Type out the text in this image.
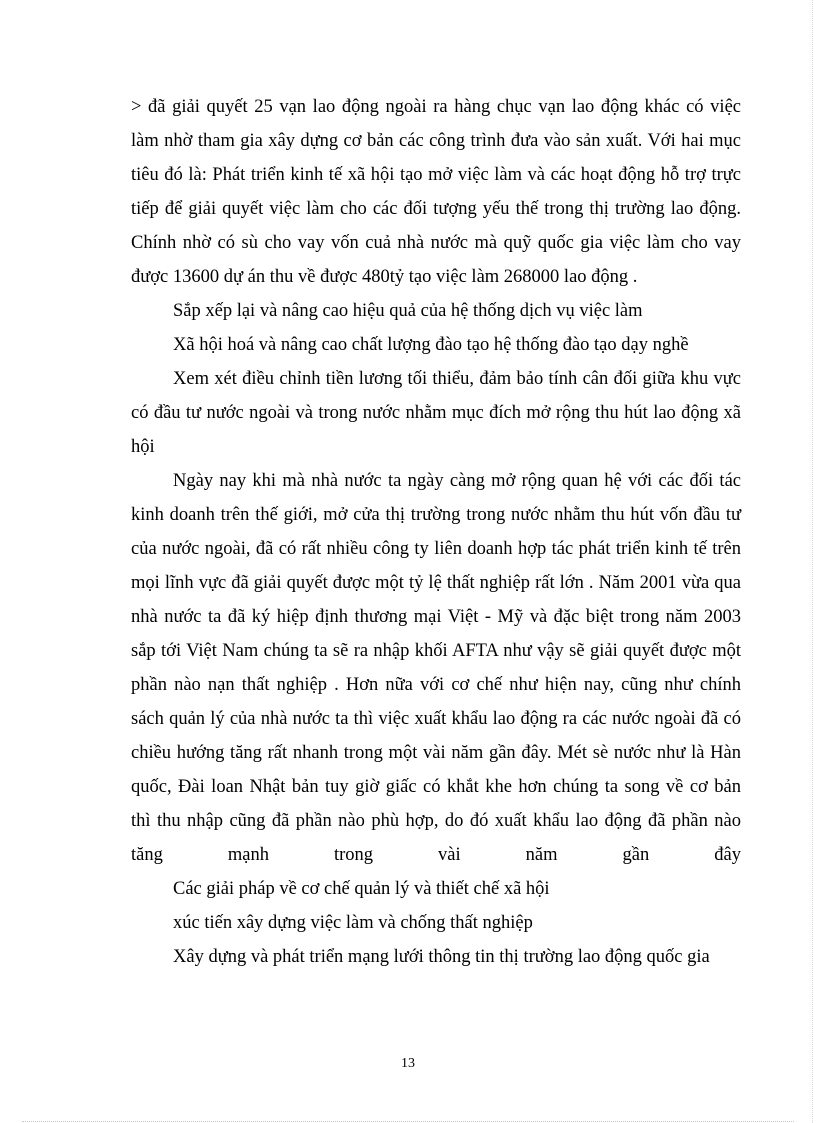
> đã giải quyết 25 vạn lao động ngoài ra hàng chục vạn lao động khác có việc
làm nhờ tham gia xây dựng cơ bản các công trình đưa vào sản xuất. Với hai mục
tiêu đó là: Phát triển kinh tế xã hội tạo mở việc làm và các hoạt động hỗ trợ trực
tiếp để giải quyết việc làm cho các đối tượng yếu thế trong thị trường lao động.
Chính nhờ có sù cho vay vốn cuả nhà nước mà quỹ quốc gia việc làm cho vay
được 13600 dự án thu về được 480tỷ tạo việc làm 268000 lao động .
Sắp xếp lại và nâng cao hiệu quả của hệ thống dịch vụ việc làm
Xã hội hoá và nâng cao chất lượng đào tạo hệ thống đào tạo dạy nghề
Xem xét điều chỉnh tiền lương tối thiểu, đảm bảo tính cân đối giữa khu vực
có đầu tư nước ngoài và trong nước nhằm mục đích mở rộng thu hút lao động xã
hội
Ngày nay khi mà nhà nước ta ngày càng mở rộng quan hệ với các đối tác
kinh doanh trên thế giới, mở cửa thị trường trong nước nhằm thu hút vốn đầu tư
của nước ngoài, đã có rất nhiều công ty liên doanh hợp tác phát triển kinh tế trên
mọi lĩnh vực đã giải quyết được một tỷ lệ thất nghiệp rất lớn . Năm 2001 vừa qua
nhà nước ta đã ký hiệp định thương mại Việt - Mỹ và đặc biệt trong năm 2003
sắp tới Việt Nam chúng ta sẽ ra nhập khối AFTA như vậy sẽ giải quyết được một
phần nào nạn thất nghiệp . Hơn nữa với cơ chế như hiện nay, cũng như chính
sách quản lý của nhà nước ta thì việc xuất khẩu lao động ra các nước ngoài đã có
chiều hướng tăng rất nhanh trong một vài năm gần đây. Mét sè nước như là Hàn
quốc, Đài loan Nhật bản tuy giờ giấc có khắt khe hơn chúng ta song về cơ bản
thì thu nhập cũng đã phần nào phù hợp, do đó xuất khẩu lao động đã phần nào
tăng mạnh trong vài năm gần đây
Các giải pháp về cơ chế quản lý và thiết chế xã hội
xúc tiến xây dựng việc làm và chống thất nghiệp
Xây dựng và phát triển mạng lưới thông tin thị trường lao động quốc gia
13
